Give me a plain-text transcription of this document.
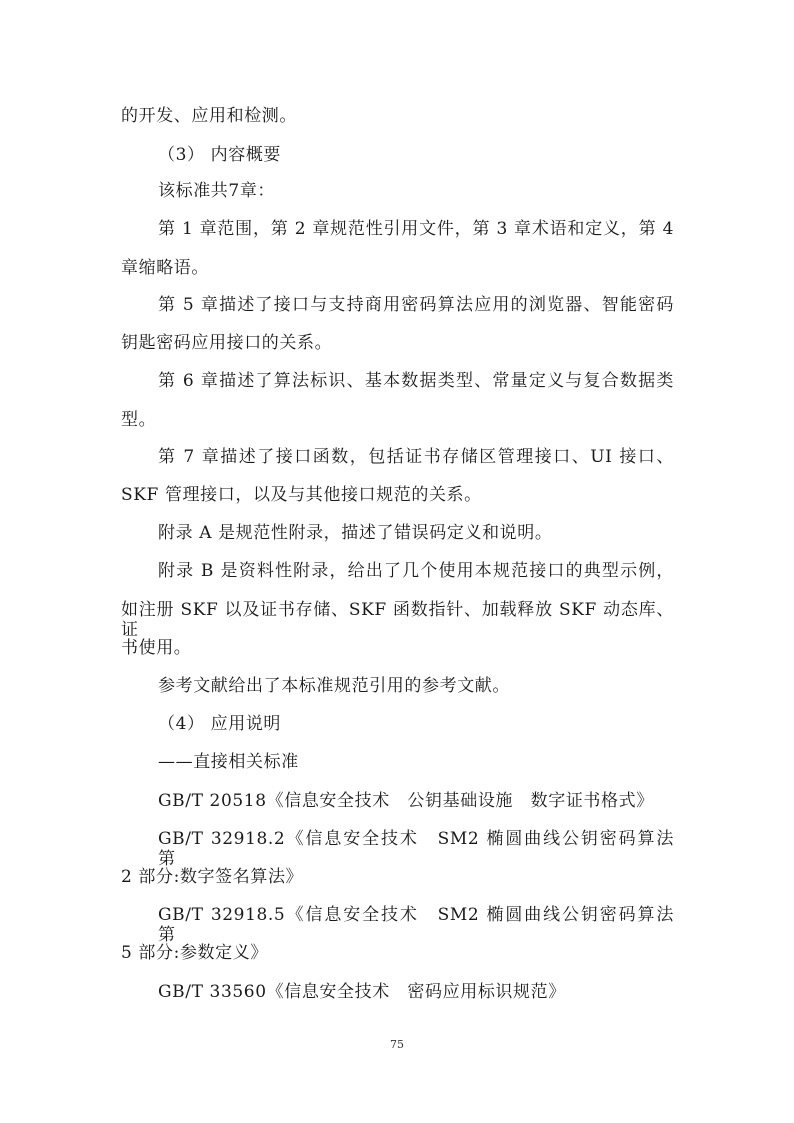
的开发、应用和检测。
（3） 内容概要
该标准共7章：
第 1 章范围，第 2 章规范性引用文件，第 3 章术语和定义，第 4
章缩略语。
第 5 章描述了接口与支持商用密码算法应用的浏览器、智能密码
钥匙密码应用接口的关系。
第 6 章描述了算法标识、基本数据类型、常量定义与复合数据类
型。
第 7 章描述了接口函数，包括证书存储区管理接口、UI 接口、
SKF 管理接口，以及与其他接口规范的关系。
附录 A 是规范性附录，描述了错误码定义和说明。
附录 B 是资料性附录，给出了几个使用本规范接口的典型示例，
如注册 SKF 以及证书存储、SKF 函数指针、加载释放 SKF 动态库、证
书使用。
参考文献给出了本标准规范引用的参考文献。
（4） 应用说明
——直接相关标准
GB/T 20518《信息安全技术　公钥基础设施　数字证书格式》
GB/T 32918.2《信息安全技术　SM2 椭圆曲线公钥密码算法　第
2 部分:数字签名算法》
GB/T 32918.5《信息安全技术　SM2 椭圆曲线公钥密码算法　第
5 部分:参数定义》
GB/T 33560《信息安全技术　密码应用标识规范》
75
